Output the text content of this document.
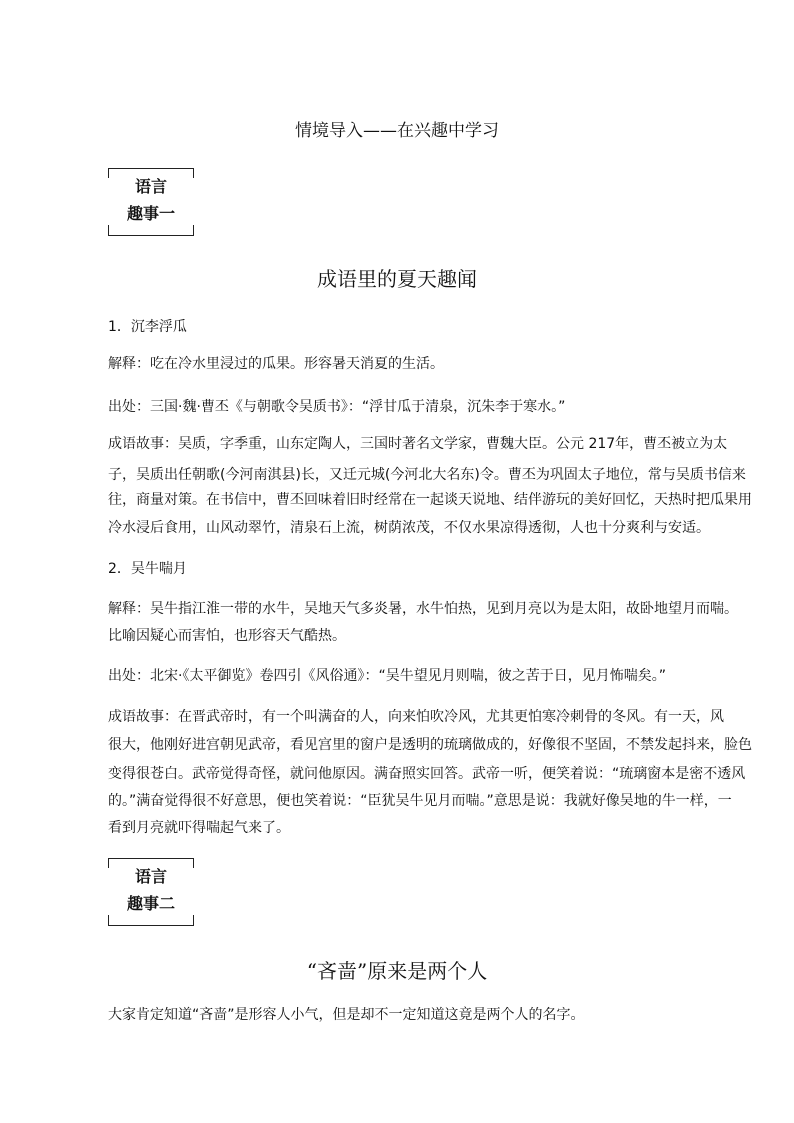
情境导入——在兴趣中学习
语言
趣事一
成语里的夏天趣闻
1．沉李浮瓜
解释：吃在冷水里浸过的瓜果。形容暑天消夏的生活。
出处：三国·魏·曹丕《与朝歌令吴质书》：“浮甘瓜于清泉，沉朱李于寒水。”
成语故事：吴质，字季重，山东定陶人，三国时著名文学家，曹魏大臣。公元 217年，曹丕被立为太
子，吴质出任朝歌(今河南淇县)长，又迁元城(今河北大名东)令。曹丕为巩固太子地位，常与吴质书信来
往，商量对策。在书信中，曹丕回味着旧时经常在一起谈天说地、结伴游玩的美好回忆，天热时把瓜果用
冷水浸后食用，山风动翠竹，清泉石上流，树荫浓茂，不仅水果凉得透彻，人也十分爽利与安适。
2．吴牛喘月
解释：吴牛指江淮一带的水牛，吴地天气多炎暑，水牛怕热，见到月亮以为是太阳，故卧地望月而喘。
比喻因疑心而害怕，也形容天气酷热。
出处：北宋·《太平御览》卷四引《风俗通》：“吴牛望见月则喘，彼之苦于日，见月怖喘矣。”
成语故事：在晋武帝时，有一个叫满奋的人，向来怕吹冷风，尤其更怕寒冷刺骨的冬风。有一天，风
很大，他刚好进宫朝见武帝，看见宫里的窗户是透明的琉璃做成的，好像很不坚固，不禁发起抖来，脸色
变得很苍白。武帝觉得奇怪，就问他原因。满奋照实回答。武帝一听，便笑着说：“琉璃窗本是密不透风
的。”满奋觉得很不好意思，便也笑着说：“臣犹吴牛见月而喘。”意思是说：我就好像吴地的牛一样，一
看到月亮就吓得喘起气来了。
语言
趣事二
“吝啬”原来是两个人
大家肯定知道“吝啬”是形容人小气，但是却不一定知道这竟是两个人的名字。
